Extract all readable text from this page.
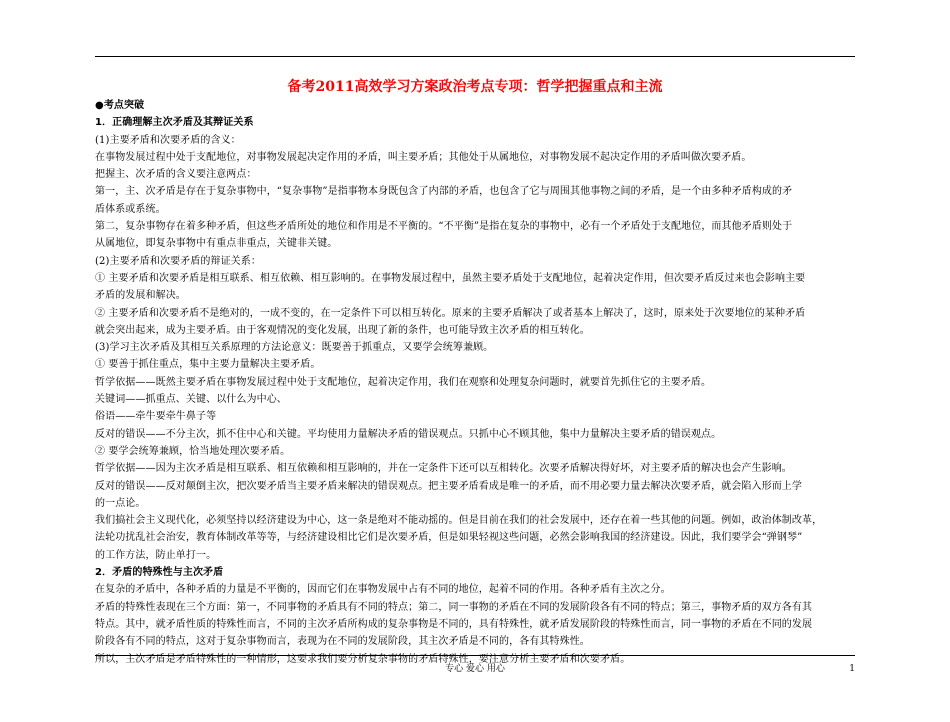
备考2011高效学习方案政治考点专项：哲学把握重点和主流
●考点突破
1．正确理解主次矛盾及其辩证关系
(1)主要矛盾和次要矛盾的含义：
在事物发展过程中处于支配地位，对事物发展起决定作用的矛盾，叫主要矛盾；其他处于从属地位，对事物发展不起决定作用的矛盾叫做次要矛盾。
把握主、次矛盾的含义要注意两点：
第一，主、次矛盾是存在于复杂事物中，“复杂事物”是指事物本身既包含了内部的矛盾，也包含了它与周围其他事物之间的矛盾，是一个由多种矛盾构成的矛
盾体系或系统。
第二，复杂事物存在着多种矛盾，但这些矛盾所处的地位和作用是不平衡的。“不平衡”是指在复杂的事物中，必有一个矛盾处于支配地位，而其他矛盾则处于
从属地位，即复杂事物中有重点非重点，关键非关键。
(2)主要矛盾和次要矛盾的辩证关系：
① 主要矛盾和次要矛盾是相互联系、相互依赖、相互影响的。在事物发展过程中，虽然主要矛盾处于支配地位，起着决定作用，但次要矛盾反过来也会影响主要
矛盾的发展和解决。
② 主要矛盾和次要矛盾不是绝对的，一成不变的，在一定条件下可以相互转化。原来的主要矛盾解决了或者基本上解决了，这时，原来处于次要地位的某种矛盾
就会突出起来，成为主要矛盾。由于客观情况的变化发展，出现了新的条件，也可能导致主次矛盾的相互转化。
(3)学习主次矛盾及其相互关系原理的方法论意义：既要善于抓重点，又要学会统筹兼顾。
① 要善于抓住重点，集中主要力量解决主要矛盾。
哲学依据——既然主要矛盾在事物发展过程中处于支配地位，起着决定作用，我们在观察和处理复杂问题时，就要首先抓住它的主要矛盾。
关键词——抓重点、关键、以什么为中心、
俗语——牵牛要牵牛鼻子等
反对的错误——不分主次，抓不住中心和关键。平均使用力量解决矛盾的错误观点。只抓中心不顾其他，集中力量解决主要矛盾的错误观点。
② 要学会统筹兼顾，恰当地处理次要矛盾。
哲学依据——因为主次矛盾是相互联系、相互依赖和相互影响的，并在一定条件下还可以互相转化。次要矛盾解决得好坏，对主要矛盾的解决也会产生影响。
反对的错误——反对颠倒主次，把次要矛盾当主要矛盾来解决的错误观点。把主要矛盾看成是唯一的矛盾，而不用必要力量去解决次要矛盾，就会陷入形而上学
的一点论。
我们搞社会主义现代化，必须坚持以经济建设为中心，这一条是绝对不能动摇的。但是目前在我们的社会发展中，还存在着一些其他的问题。例如，政治体制改革，
法轮功扰乱社会治安，教育体制改革等等，与经济建设相比它们是次要矛盾，但是如果轻视这些问题，必然会影响我国的经济建设。因此，我们要学会“弹钢琴”
的工作方法，防止单打一。
2．矛盾的特殊性与主次矛盾
在复杂的矛盾中，各种矛盾的力量是不平衡的，因而它们在事物发展中占有不同的地位，起着不同的作用。各种矛盾有主次之分。
矛盾的特殊性表现在三个方面：第一，不同事物的矛盾具有不同的特点；第二，同一事物的矛盾在不同的发展阶段各有不同的特点；第三，事物矛盾的双方各有其
特点。其中，就矛盾性质的特殊性而言，不同的主次矛盾所构成的复杂事物是不同的，具有特殊性，就矛盾发展阶段的特殊性而言，同一事物的矛盾在不同的发展
阶段各有不同的特点，这对于复杂事物而言，表现为在不同的发展阶段，其主次矛盾是不同的，各有其特殊性。
所以，主次矛盾是矛盾特殊性的一种情形，这要求我们要分析复杂事物的矛盾特殊性，要注意分析主要矛盾和次要矛盾。
专心 爱心 用心	1
